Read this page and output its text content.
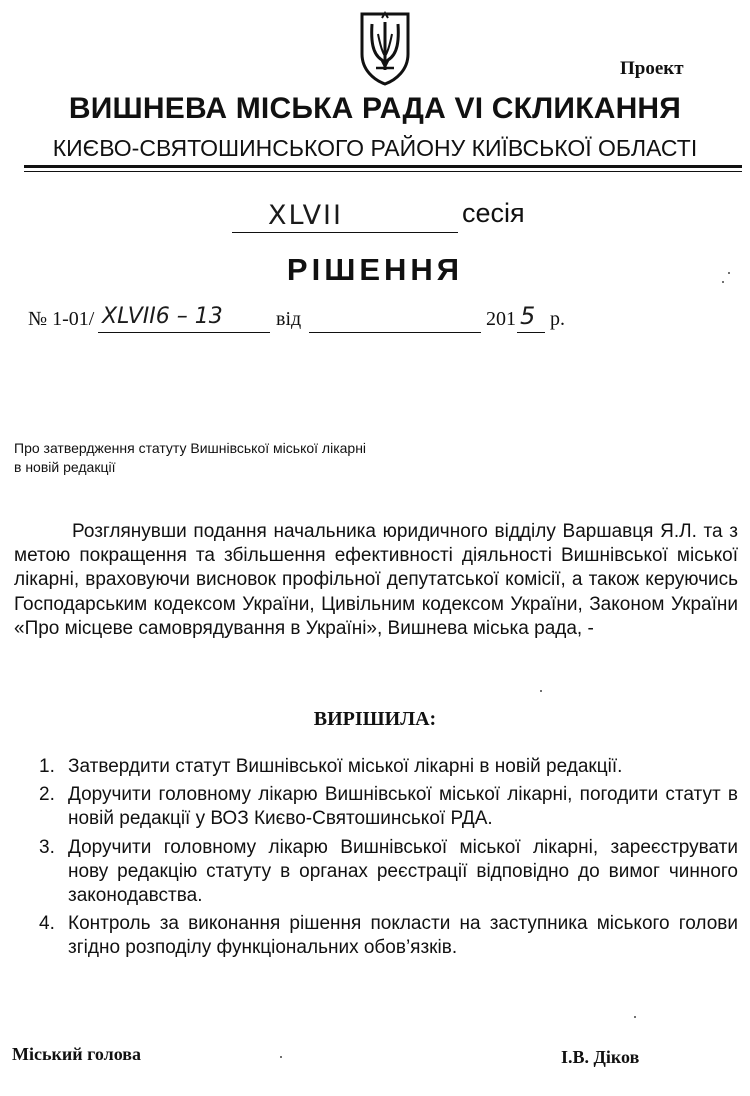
Проект
ВИШНЕВА МІСЬКА РАДА VI СКЛИКАННЯ
КИЄВО-СВЯТОШИНСЬКОГО РАЙОНУ КИЇВСЬКОЇ ОБЛАСТІ
XLVII	сесія
РІШЕННЯ
№ 1-01/ XLVII6 – 13	від	201 5 р.
Про затвердження статуту Вишнівської міської лікарні
в новій редакції

Розглянувши подання начальника юридичного відділу Варшавця Я.Л. та з метою покращення та збільшення ефективності діяльності Вишнівської міської лікарні, враховуючи висновок профільної депутатської комісії, а також керуючись Господарським кодексом України, Цивільним кодексом України, Законом України «Про місцеве самоврядування в Україні», Вишнева міська рада, -

ВИРІШИЛА:
1. Затвердити статут Вишнівської міської лікарні в новій редакції.
2. Доручити головному лікарю Вишнівської міської лікарні, погодити статут в новій редакції у ВОЗ Києво-Святошинської РДА.
3. Доручити головному лікарю Вишнівської міської лікарні, зареєструвати нову редакцію статуту в органах реєстрації відповідно до вимог чинного законодавства.
4. Контроль за виконання рішення покласти на заступника міського голови згідно розподілу функціональних обов’язків.
Міський голова	І.В. Діков
